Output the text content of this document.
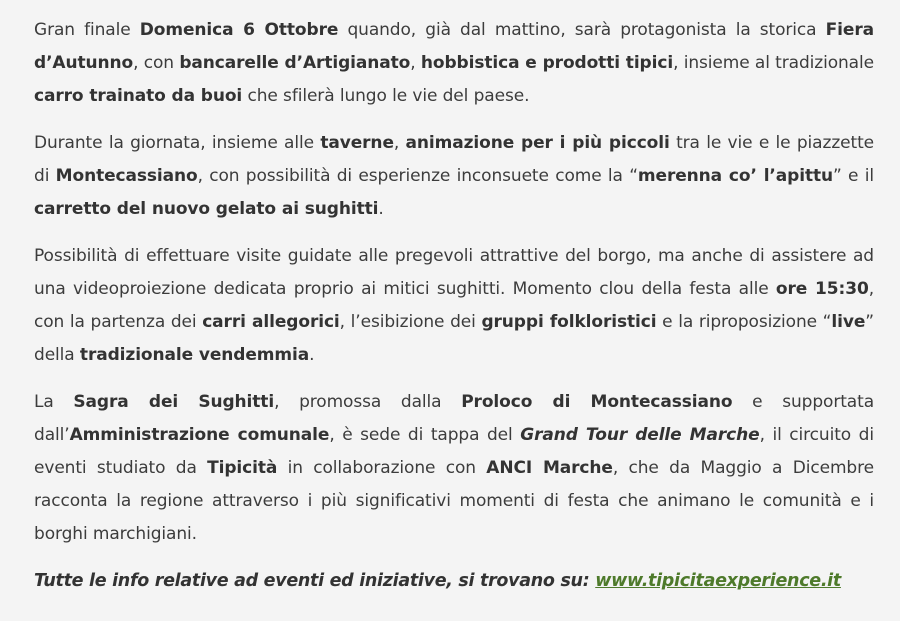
Gran finale Domenica 6 Ottobre quando, già dal mattino, sarà protagonista la storica Fiera d’Autunno, con bancarelle d’Artigianato, hobbistica e prodotti tipici, insieme al tradizionale carro trainato da buoi che sfilerà lungo le vie del paese.

Durante la giornata, insieme alle taverne, animazione per i più piccoli tra le vie e le piazzette di Montecassiano, con possibilità di esperienze inconsuete come la “merenna co’ l’apittu” e il carretto del nuovo gelato ai sughitti.

Possibilità di effettuare visite guidate alle pregevoli attrattive del borgo, ma anche di assistere ad una videoproiezione dedicata proprio ai mitici sughitti. Momento clou della festa alle ore 15:30, con la partenza dei carri allegorici, l’esibizione dei gruppi folkloristici e la riproposizione “live” della tradizionale vendemmia.

La Sagra dei Sughitti, promossa dalla Proloco di Montecassiano e supportata dall’Amministrazione comunale, è sede di tappa del Grand Tour delle Marche, il circuito di eventi studiato da Tipicità in collaborazione con ANCI Marche, che da Maggio a Dicembre racconta la regione attraverso i più significativi momenti di festa che animano le comunità e i borghi marchigiani.

Tutte le info relative ad eventi ed iniziative, si trovano su: www.tipicitaexperience.it
